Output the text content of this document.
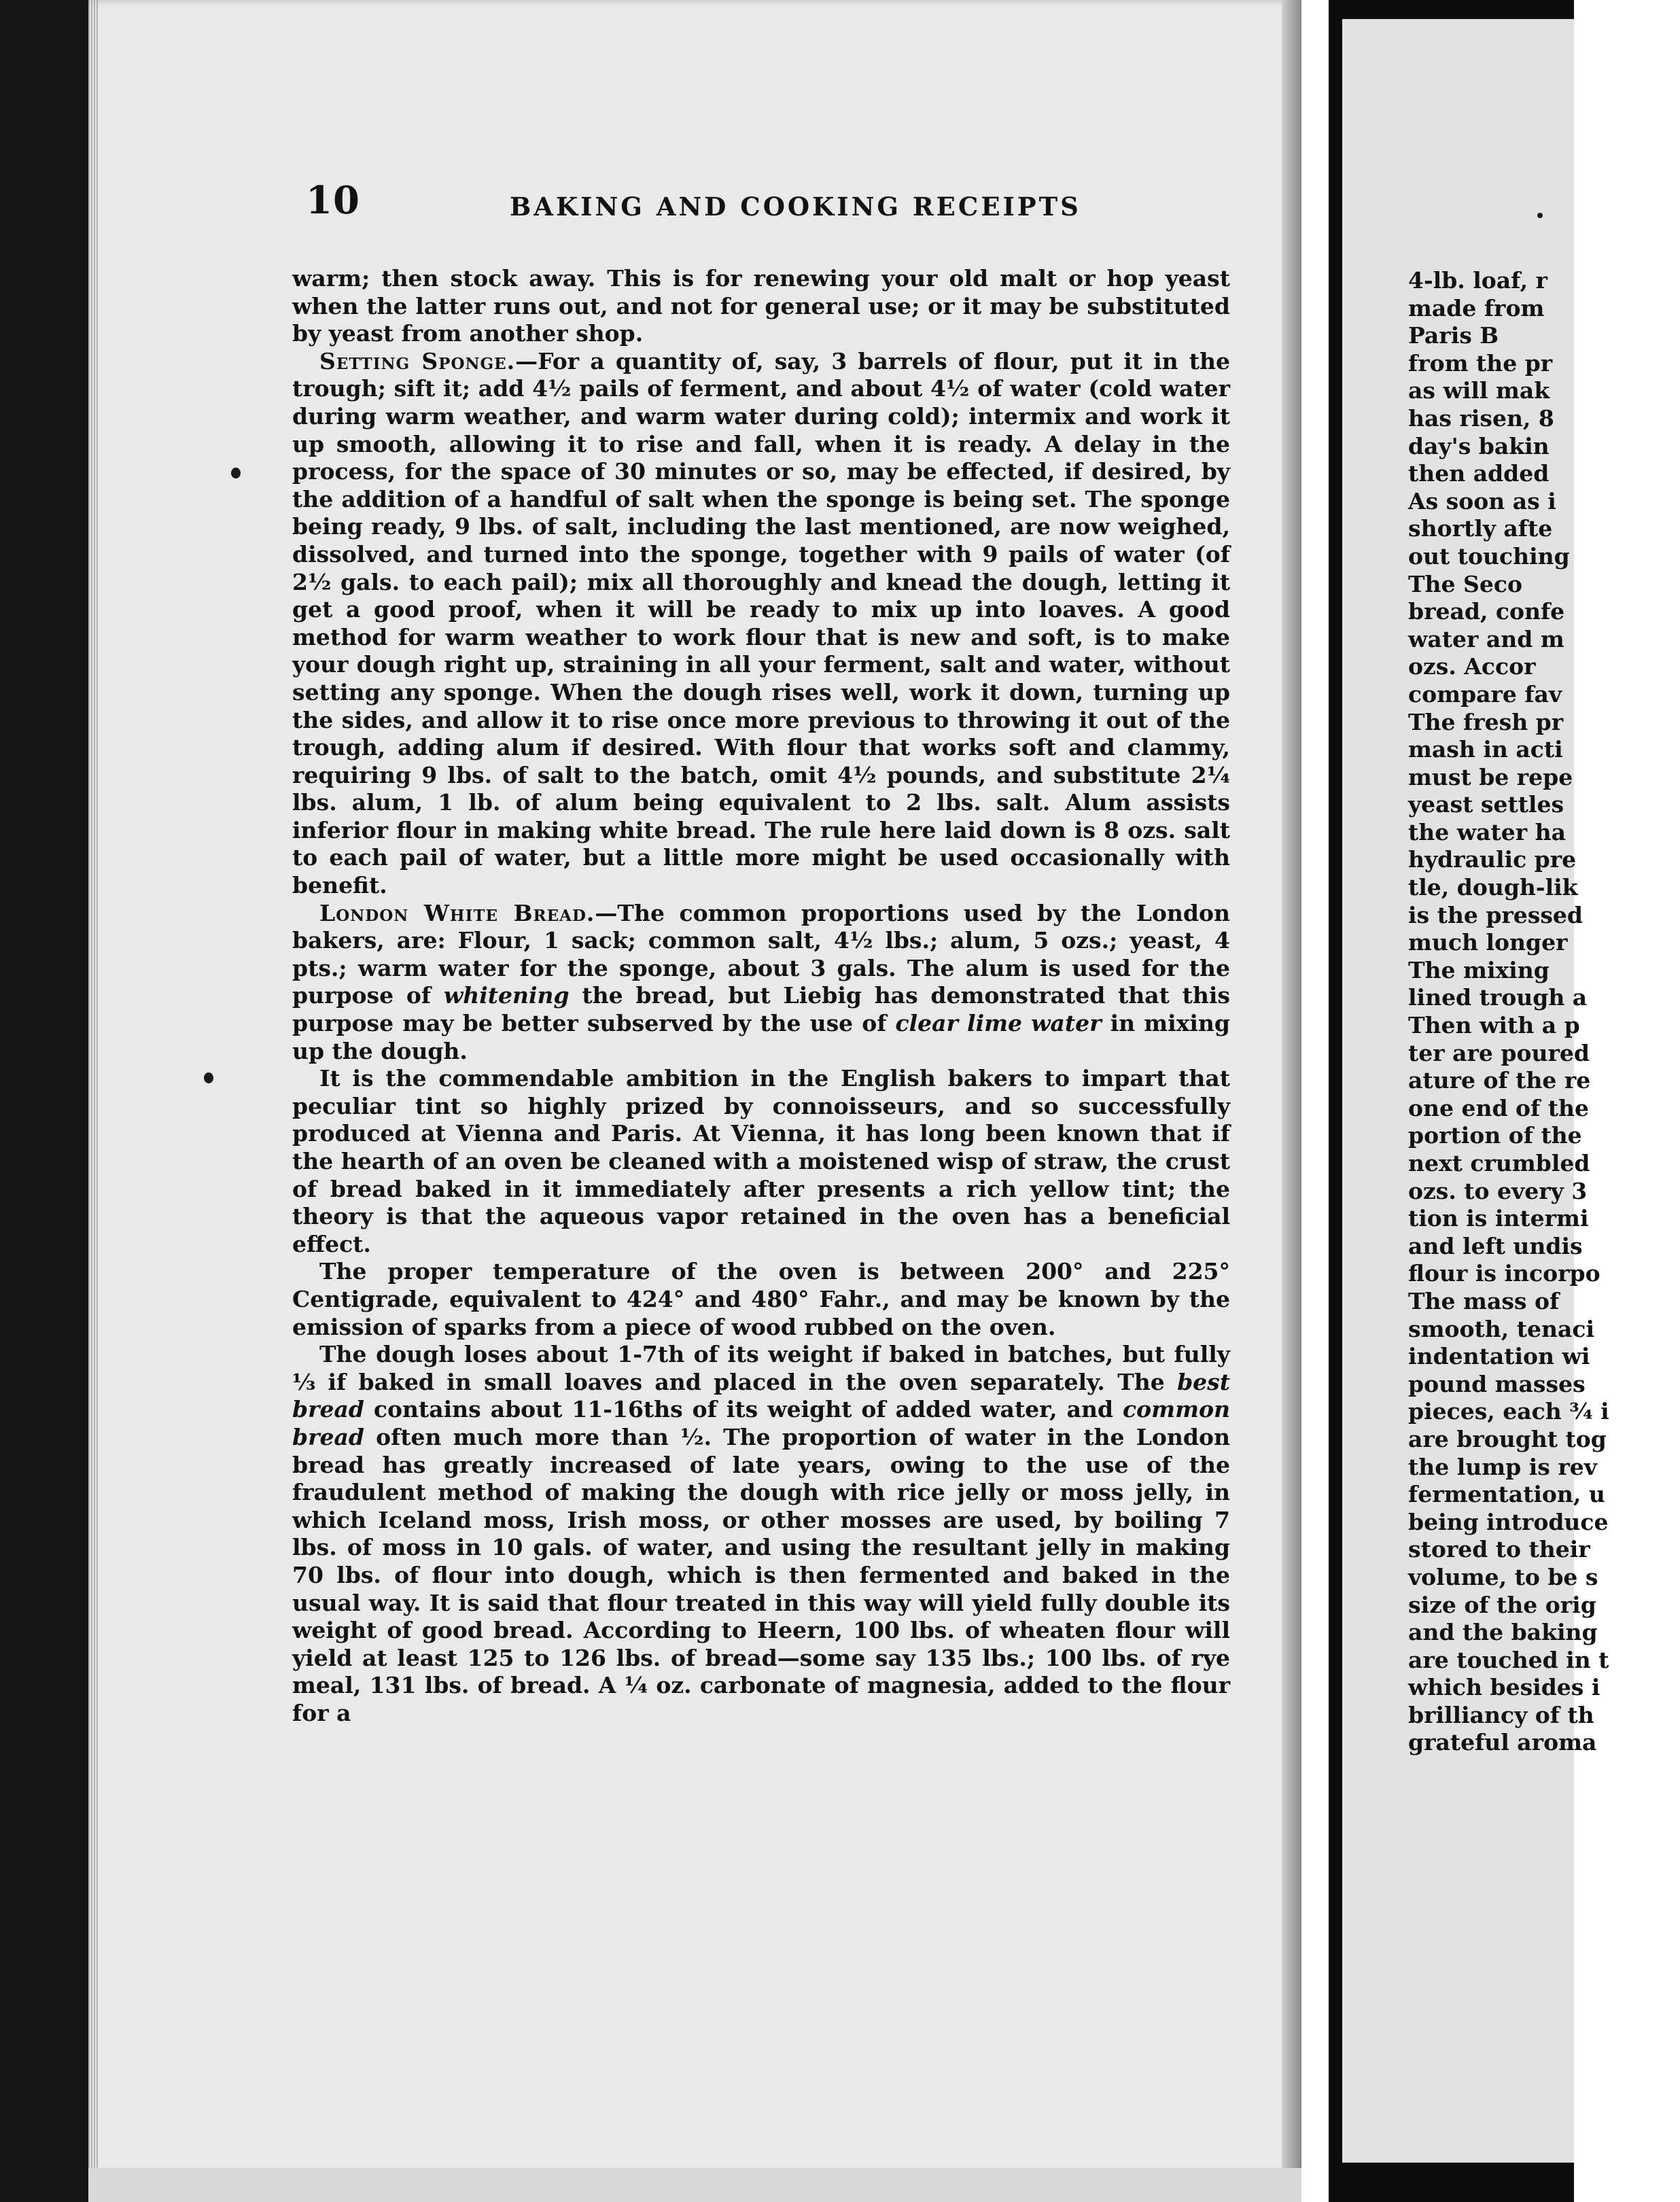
10	BAKING AND COOKING RECEIPTS

warm; then stock away. This is for renewing your old malt or hop yeast when the latter runs out, and not for general use; or it may be substituted by yeast from another shop.

Setting Sponge.—For a quantity of, say, 3 barrels of flour, put it in the trough; sift it; add 4½ pails of ferment, and about 4½ of water (cold water during warm weather, and warm water during cold); intermix and work it up smooth, allowing it to rise and fall, when it is ready. A delay in the process, for the space of 30 minutes or so, may be effected, if desired, by the addition of a handful of salt when the sponge is being set. The sponge being ready, 9 lbs. of salt, including the last mentioned, are now weighed, dissolved, and turned into the sponge, together with 9 pails of water (of 2½ gals. to each pail); mix all thoroughly and knead the dough, letting it get a good proof, when it will be ready to mix up into loaves. A good method for warm weather to work flour that is new and soft, is to make your dough right up, straining in all your ferment, salt and water, without setting any sponge. When the dough rises well, work it down, turning up the sides, and allow it to rise once more previous to throwing it out of the trough, adding alum if desired. With flour that works soft and clammy, requiring 9 lbs. of salt to the batch, omit 4½ pounds, and substitute 2¼ lbs. alum, 1 lb. of alum being equivalent to 2 lbs. salt. Alum assists inferior flour in making white bread. The rule here laid down is 8 ozs. salt to each pail of water, but a little more might be used occasionally with benefit.

London White Bread.—The common proportions used by the London bakers, are: Flour, 1 sack; common salt, 4½ lbs.; alum, 5 ozs.; yeast, 4 pts.; warm water for the sponge, about 3 gals. The alum is used for the purpose of whitening the bread, but Liebig has demonstrated that this purpose may be better subserved by the use of clear lime water in mixing up the dough.

It is the commendable ambition in the English bakers to impart that peculiar tint so highly prized by connoisseurs, and so successfully produced at Vienna and Paris. At Vienna, it has long been known that if the hearth of an oven be cleaned with a moistened wisp of straw, the crust of bread baked in it immediately after presents a rich yellow tint; the theory is that the aqueous vapor retained in the oven has a beneficial effect.

The proper temperature of the oven is between 200° and 225° Centigrade, equivalent to 424° and 480° Fahr., and may be known by the emission of sparks from a piece of wood rubbed on the oven.

The dough loses about 1-7th of its weight if baked in batches, but fully ⅓ if baked in small loaves and placed in the oven separately. The best bread contains about 11-16ths of its weight of added water, and common bread often much more than ½. The proportion of water in the London bread has greatly increased of late years, owing to the use of the fraudulent method of making the dough with rice jelly or moss jelly, in which Iceland moss, Irish moss, or other mosses are used, by boiling 7 lbs. of moss in 10 gals. of water, and using the resultant jelly in making 70 lbs. of flour into dough, which is then fermented and baked in the usual way. It is said that flour treated in this way will yield fully double its weight of good bread. According to Heern, 100 lbs. of wheaten flour will yield at least 125 to 126 lbs. of bread—some say 135 lbs.; 100 lbs. of rye meal, 131 lbs. of bread. A ¼ oz. carbonate of magnesia, added to the flour for a

4-lb. loaf, r
made from
Paris B
from the pr
as will mak
has risen, 8
day's bakin
then added
As soon as i
shortly afte
out touching
The Seco
bread, confe
water and m
ozs. Accor
compare fav
The fresh pr
mash in acti
must be repe
yeast settles
the water ha
hydraulic pre
tle, dough-lik
is the pressed
much longer
The mixing
lined trough a
Then with a p
ter are poured
ature of the re
one end of the
portion of the
next crumbled
ozs. to every 3
tion is intermi
and left undis
flour is incorpo
The mass of
smooth, tenaci
indentation wi
pound masses
pieces, each ¾ i
are brought tog
the lump is rev
fermentation, u
being introduce
stored to their
volume, to be s
size of the orig
and the baking
are touched in t
which besides i
brilliancy of th
grateful aroma
